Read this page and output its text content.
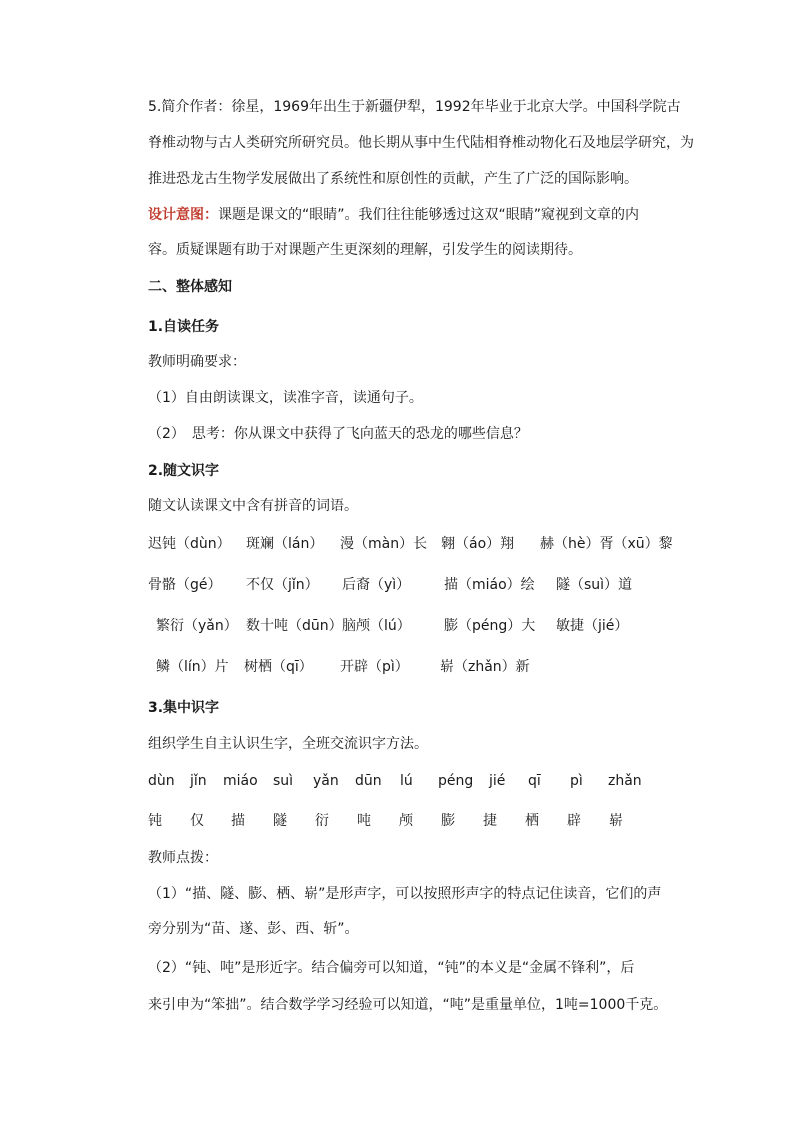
5.简介作者：徐星，1969年出生于新疆伊犁，1992年毕业于北京大学。中国科学院古
脊椎动物与古人类研究所研究员。他长期从事中生代陆相脊椎动物化石及地层学研究，为
推进恐龙古生物学发展做出了系统性和原创性的贡献，产生了广泛的国际影响。
设计意图：课题是课文的“眼睛”。我们往往能够透过这双“眼睛”窥视到文章的内
容。质疑课题有助于对课题产生更深刻的理解，引发学生的阅读期待。
二、整体感知
1.自读任务
教师明确要求：
（1）自由朗读课文，读准字音，读通句子。
（2）　思考：你从课文中获得了飞向蓝天的恐龙的哪些信息？
2.随文识字
随文认读课文中含有拼音的词语。
迟钝（dùn） 斑斓（lán） 漫（màn）长 翱（áo）翔 赫（hè）胥（xū）黎
骨骼（gé） 不仅（jǐn） 后裔（yì） 描（miáo）绘 隧（suì）道
繁衍（yǎn） 数十吨（dūn） 脑颅（lú） 膨（péng）大 敏捷（jié）
鳞（lín）片 树栖（qī） 开辟（pì） 崭（zhǎn）新
3.集中识字
组织学生自主认识生字，全班交流识字方法。
dùn jǐn miáo suì yǎn dūn lú péng jié qī pì zhǎn
钝 仅 描 隧 衍 吨 颅 膨 捷 栖 辟 崭
教师点拨：
（1）“描、隧、膨、栖、崭”是形声字，可以按照形声字的特点记住读音，它们的声
旁分别为“苗、遂、彭、西、斩”。
（2）“钝、吨”是形近字。结合偏旁可以知道，“钝”的本义是“金属不锋利”，后
来引申为“笨拙”。结合数学学习经验可以知道，“吨”是重量单位，1吨=1000千克。
